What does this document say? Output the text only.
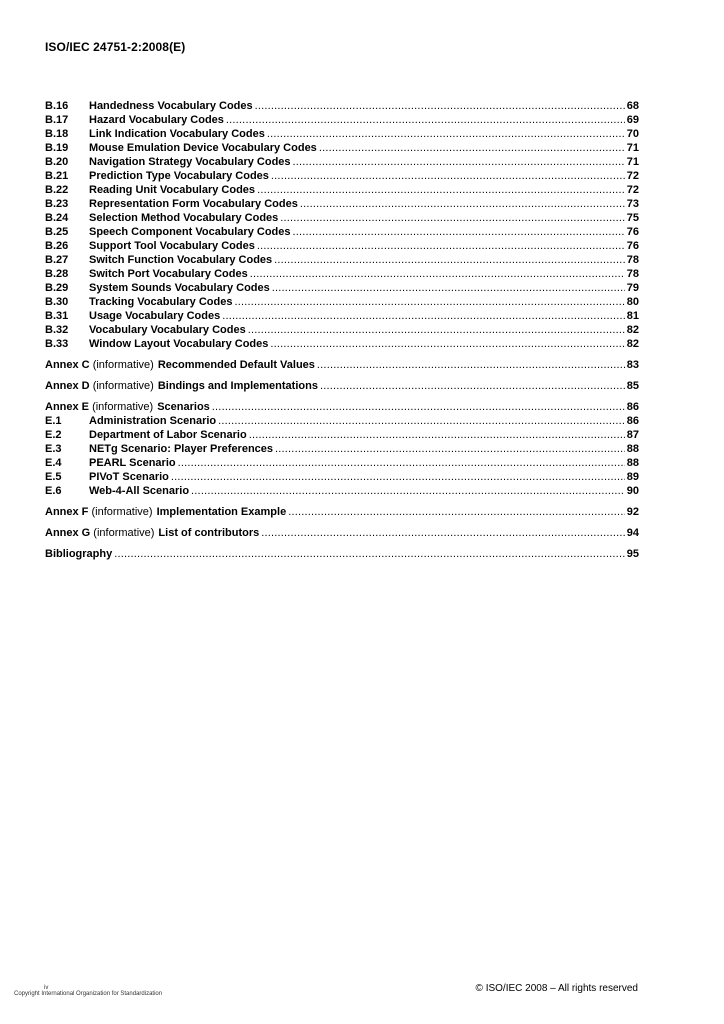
ISO/IEC 24751-2:2008(E)
B.16	Handedness Vocabulary Codes .....	68
B.17	Hazard Vocabulary Codes .....	69
B.18	Link Indication Vocabulary Codes .....	70
B.19	Mouse Emulation Device Vocabulary Codes .....	71
B.20	Navigation Strategy Vocabulary Codes .....	71
B.21	Prediction Type Vocabulary Codes .....	72
B.22	Reading Unit Vocabulary Codes .....	72
B.23	Representation Form Vocabulary Codes .....	73
B.24	Selection Method Vocabulary Codes .....	75
B.25	Speech Component Vocabulary Codes .....	76
B.26	Support Tool Vocabulary Codes .....	76
B.27	Switch Function Vocabulary Codes .....	78
B.28	Switch Port Vocabulary Codes .....	78
B.29	System Sounds Vocabulary Codes .....	79
B.30	Tracking Vocabulary Codes .....	80
B.31	Usage Vocabulary Codes .....	81
B.32	Vocabulary Vocabulary Codes .....	82
B.33	Window Layout Vocabulary Codes .....	82
Annex C (informative) Recommended Default Values .....	83
Annex D (informative) Bindings and Implementations .....	85
Annex E (informative) Scenarios .....	86
E.1	Administration Scenario .....	86
E.2	Department of Labor Scenario .....	87
E.3	NETg Scenario: Player Preferences .....	88
E.4	PEARL Scenario .....	88
E.5	PIVoT Scenario .....	89
E.6	Web-4-All Scenario .....	90
Annex F (informative) Implementation Example .....	92
Annex G (informative) List of contributors .....	94
Bibliography .....	95
iv
Copyright International Organization for Standardization	© ISO/IEC 2008 – All rights reserved
